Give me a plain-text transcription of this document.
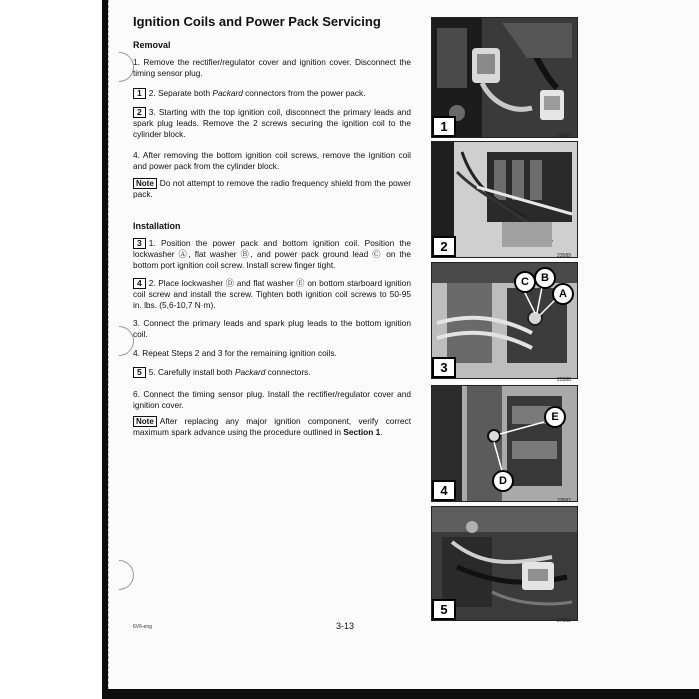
Ignition Coils and Power Pack Servicing
Removal

1. Remove the rectifier/regulator cover and ignition cover. Disconnect the timing sensor plug.

1 2. Separate both Packard connectors from the power pack.

2 3. Starting with the top ignition coil, disconnect the primary leads and spark plug leads. Remove the 2 screws securing the ignition coil to the cylinder block.

4. After removing the bottom ignition coil screws, remove the ignition coil and power pack from the cylinder block.

Note Do not attempt to remove the radio frequency shield from the power pack.

Installation

3 1. Position the power pack and bottom ignition coil. Position the lockwasher Ⓐ, flat washer Ⓑ, and power pack ground lead Ⓒ on the bottom port ignition coil screw. Install screw finger tight.

4 2. Place lockwasher Ⓓ and flat washer Ⓔ on bottom starboard ignition coil screw and install the screw. Tighten both ignition coil screws to 50-95 in. lbs. (5,6-10,7 N·m).

3. Connect the primary leads and spark plug leads to the bottom ignition coil.

4. Repeat Steps 2 and 3 for the remaining ignition coils.

5 5. Carefully install both Packard connectors.

6. Connect the timing sensor plug. Install the rectifier/regulator cover and ignition cover.

Note After replacing any major ignition component, verify correct maximum spark advance using the procedure outlined in Section 1.

1
26627
2
23589
C	B
A
3
23588
E
D
4
23587
5
27560
6V6-eng	3-13
